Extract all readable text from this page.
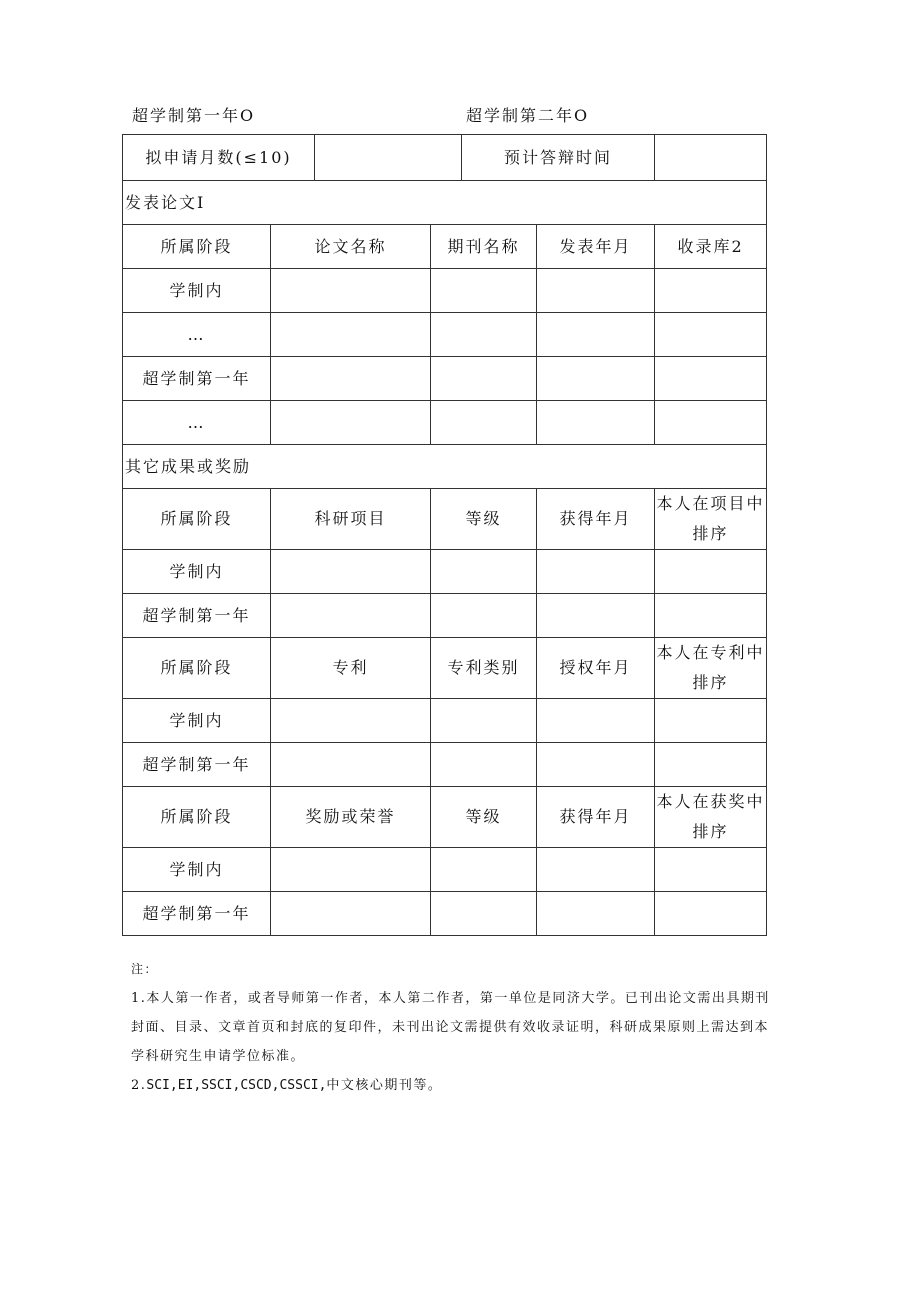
超学制第一年O	超学制第二年O
拟申请月数(≤10)				预计答辩时间		
发表论文I						
所属阶段	论文名称		期刊名称		发表年月	收录库2
学制内						
…						
超学制第一年						
…						
其它成果或奖励						
所属阶段	科研项目		等级		获得年月	本人在项目中排序
学制内						
超学制第一年						
所属阶段	专利		专利类别		授权年月	本人在专利中排序
学制内						
超学制第一年						
所属阶段	奖励或荣誉		等级		获得年月	本人在获奖中排序
学制内						
超学制第一年						

注：

1.本人第一作者，或者导师第一作者，本人第二作者，第一单位是同济大学。已刊出论文需出具期刊封面、目录、文章首页和封底的复印件，未刊出论文需提供有效收录证明，科研成果原则上需达到本学科研究生申请学位标准。

2.SCI,EI,SSCI,CSCD,CSSCI,中文核心期刊等。
